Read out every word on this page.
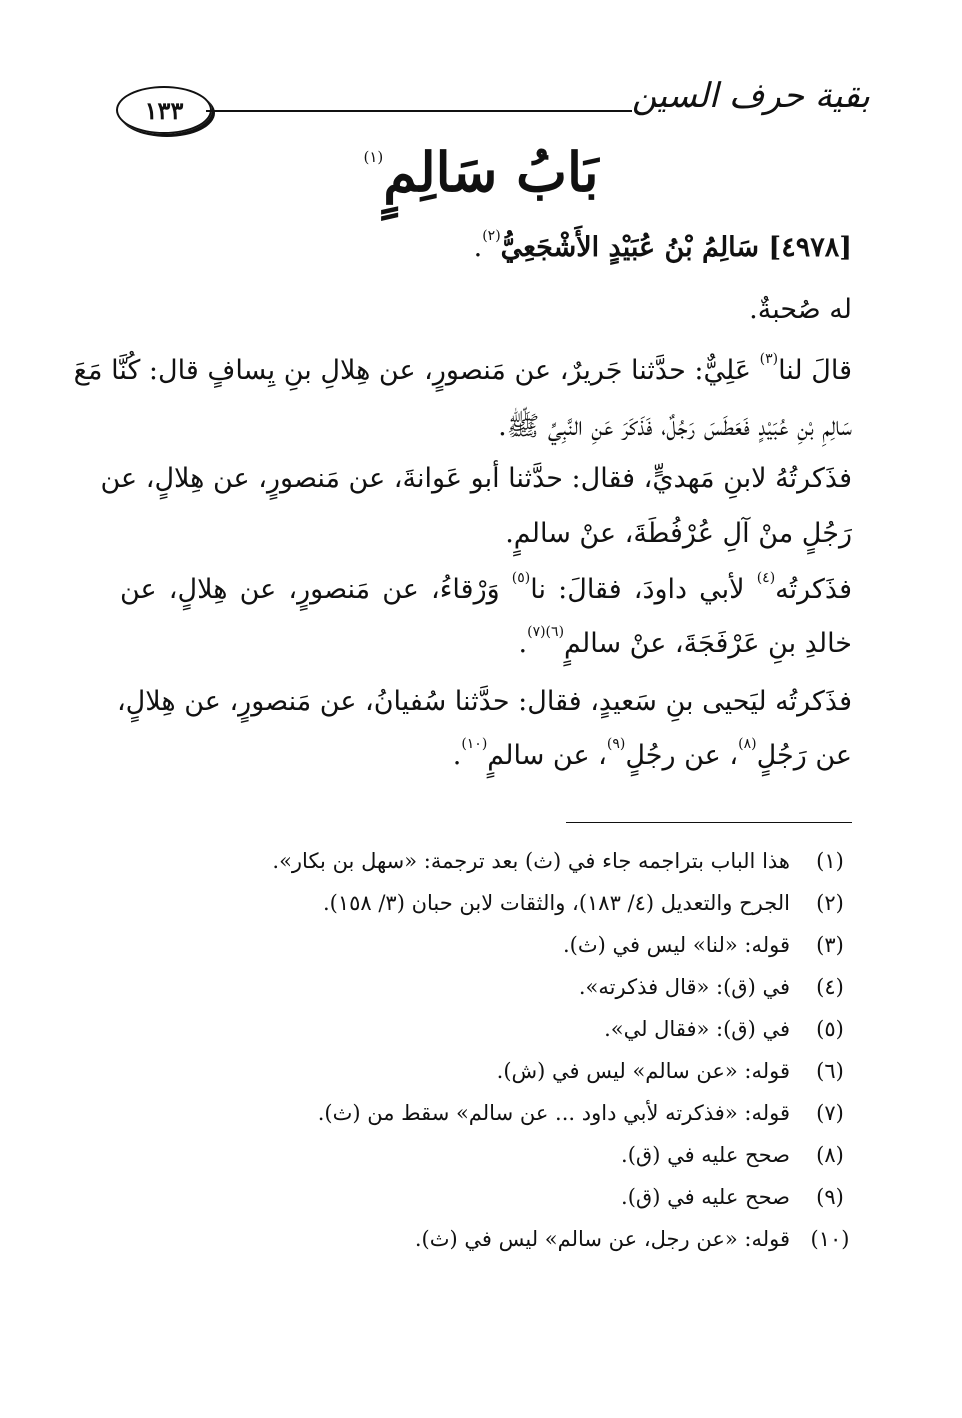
بقية حرف السين
١٣٣
بَابُ سَالِمٍ$^{(١)}$
[٤٩٧٨] سَالِمُ بْنُ عُبَيْدٍ الأَشْجَعِيُّ$^{(٢)}$.
له صُحبةٌ.
قالَ لنا$^{(٣)}$ عَلِيٌّ: حدَّثنا جَريرٌ، عن مَنصورٍ، عن هِلالِ بنِ يِسافٍ قال: كُنَّا مَعَ
سَالِمِ بْنِ عُبَيْدٍ فَعَطَسَ رَجُلٌ، فَذَكَرَ عَنِ النَّبِيِّ ﷺ.
فذَكرتُهُ لابنِ مَهديٍّ، فقال: حدَّثنا أبو عَوانةَ، عن مَنصورٍ، عن هِلالٍ، عن
رَجُلٍ منْ آلِ عُرْفُطَةَ، عنْ سالمٍ.
فذَكرتُه$^{(٤)}$ لأبي داودَ، فقالَ: نا$^{(٥)}$ وَرْقاءُ، عن مَنصورٍ، عن هِلالٍ، عن
خالدِ بنِ عَرْفَجَةَ، عنْ سالمٍ$^{(٦)(٧)}$.
فذَكرتُه ليَحيى بنِ سَعيدٍ، فقال: حدَّثنا سُفيانُ، عن مَنصورٍ، عن هِلالٍ،
عن رَجُلٍ$^{(٨)}$، عن رجُلٍ$^{(٩)}$، عن سالمٍ$^{(١٠)}$.
(١)
هذا الباب بتراجمه جاء في (ث) بعد ترجمة: «سهل بن بكار».
(٢)
الجرح والتعديل (٤/ ١٨٣)، والثقات لابن حبان (٣/ ١٥٨).
(٣)
قوله: «لنا» ليس في (ث).
(٤)
في (ق): «قال فذكرته».
(٥)
في (ق): «فقال لي».
(٦)
قوله: «عن سالم» ليس في (ش).
(٧)
قوله: «فذكرته لأبي داود ... عن سالم» سقط من (ث).
(٨)
صحح عليه في (ق).
(٩)
صحح عليه في (ق).
(١٠)
قوله: «عن رجل، عن سالم» ليس في (ث).
